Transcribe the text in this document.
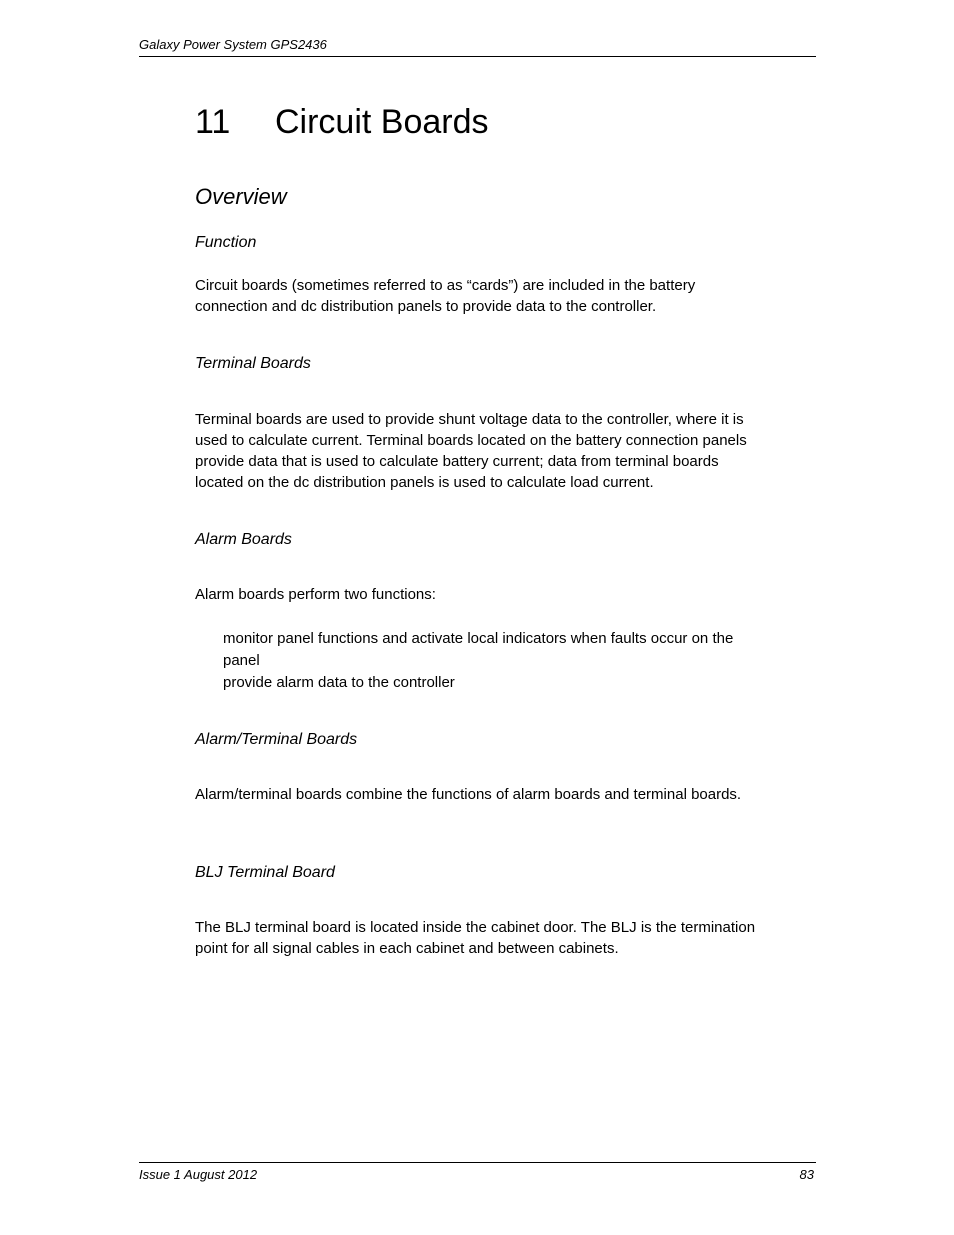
Galaxy Power System GPS2436
11 Circuit Boards
Overview
Function
Circuit boards (sometimes referred to as “cards”) are included in the battery connection and dc distribution panels to provide data to the controller.
Terminal Boards
Terminal boards are used to provide shunt voltage data to the controller, where it is used to calculate current. Terminal boards located on the battery connection panels provide data that is used to calculate battery current; data from terminal boards located on the dc distribution panels is used to calculate load current.
Alarm Boards
Alarm boards perform two functions:
monitor panel functions and activate local indicators when faults occur on the panel
provide alarm data to the controller
Alarm/Terminal Boards
Alarm/terminal boards combine the functions of alarm boards and terminal boards.
BLJ Terminal Board
The BLJ terminal board is located inside the cabinet door. The BLJ is the termination point for all signal cables in each cabinet and between cabinets.
Issue 1 August 2012	83
